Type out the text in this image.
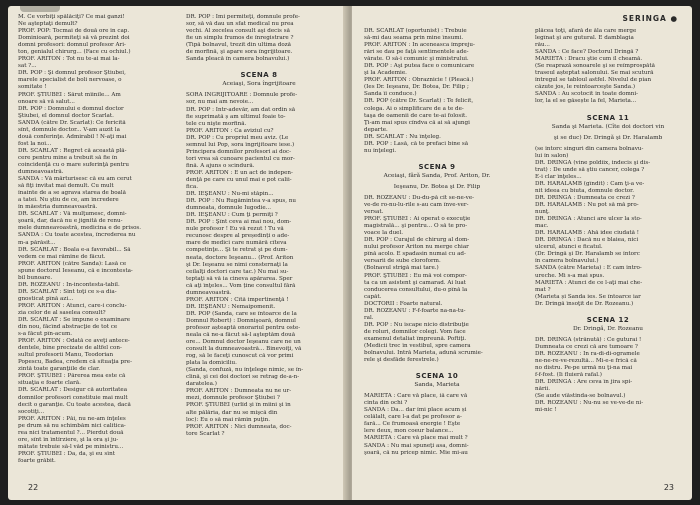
M. Ce vorbiţi spălăciţi? Ce mai ganzi!
Ne aşteptaţi demult?
PROF. POP: Tocmai de două ore în cap.
Dominioară, permiteţi să vă prezint doi
domni profesori: domnul profesor Ari-
ton, genialul chirurg... (Face cu ochiul.)
PROF. ARITON : Tot nu te-ai mai la-
sat ?...
DR. POP : Şi domnul profesor Ştiubei,
marele specialist de boli nervoase, o
somitate !
PROF. ŞTIUBEI : Sărut mîinile... Am
onoare să vă salut...
DR. POP : Domnului e domnul doctor
Ştiubei, el domnul doctor Scarlat.
SANDA (către Dr. Scarlat): Ce fericită
sînt, domnule doctor... V-am auzit la
două conferinţe. Admirabil ! N-aţi mai
fost la noi...
DR. SCARLAT : Regret că această plă-
cere pentru mine a trebuit să fie în
coincidenţă cu o mare suferinţă pentru
dumneavoastră.
SANDA : Vă mărturisesc că eu am cerut
să fiţi invitat mai demult. Cu mult
înainte de a se agrava starea de boală
a tatei. Nu ştiu de ce, am încredere
în măestria dumneavoastră.
DR. SCARLAT : Vă mulţumesc, domni-
şoară, dar, dacă nu e jignită de renu-
mele dumneavoastră, medicina e de prisos.
SANDA : Cu toate acestea, încrederea nu
m-a părăsit...
DR. SCARLAT : Boala e-a favorabil... Să
vedem ce mai rămîne de făcut.
PROF. ARITON (către Sanda): Lasă ce
spune doctorul Ieseanu, că e incontesta-
bil bunoare.
DR. ROZEANU : In-incontesta-tabil.
DR. SCARLAT : Sînt toţi ce s-a dia-
gnosticat pînă azi...
PROF. ARITON : Atunci, care-i conclu-
zia celor de al saselea consult?
DR. SCARLAT : Se impune o examinare
din nou, făcînd abstracţie de tot ce
s-a făcut pîn-acum.
PROF. ARITON : Odată ce aveţi antece-
dentele, bine precizate de altfel con-
sultul profesorii Manu, Teodorian
Popescu, Badea, credem că situaţia pre-
zintă toate garanţiile de clar.
PROF. ŞTIUBEI : Părerea mea este că
situaţia e foarte clară.
DR. SCARLAT : Desigur că autoritatea
domnilor profesori constituie mai mult
decît o garanţie. Cu toate acestea, dacă
socotiţi...
PROF. ARITON : Păi, nu ne-am înţeles
pe drum să nu schimbăm nici calitica-
rea nici tratamentul ?... Pierdut două
ore, sînt în întîrziere, şi la ora şi ju-
mătate trebuie să-l văd pe ministru...
PROF. ŞTIUBEI : Da, da, şi eu sînt
foarte grăbit.
DR. POP : Îmi permiteţi, domnule profe-
sor, să vă dau un sfat medical nu prea
vechi. Al zecelea consult aşi decis să
fie un simplu frumos de înregistrare ?
(Tipă bolnavul, trezit din ultima doză
de morfină, şi apare sora îngrijitoare.
Sanda pleacă în camera bolnavului.)
SCENA 8
Aceiaşi, Sora îngrijitoare
SORA ÎNGRIJITOARE : Domnule profe-
sor, nu mai am nevoie...
DR. POP : Intr-adevăr, am dat ordin să
fie suprimată ș am ultimul foaie to-
tele cu nişte morfină.
PROF. ARITON : Ca aviziul cu?
DR. POP : Cu propriul meu aviz. (Le
semnul lui Pop, sora îngrijitoare iese.)
Principera domnilor profesori ai doc-
tori vrea să cunoare pacientul cu mor-
fină. A ajuns o scindură.
PROF. ARITON : E un act de indepen-
denţă pe care cu unul mai e pot calii-
fica.
DR. IEŞEANU : Nu-mi stăpin...
DR. POP : Nu Rugămintea v-a spus, nu
dumneata, domnule Iugodie...
DR. IEŞEANU : Cum ţi permiţi ?
DR. POP : Şînt ceva ai mai nou, dom-
nule profesor ! Eu vă rezut ! Tu vă
recunosc despre al președinți o ade-
mare de medici care numără cîteva
competinţe... Şi te retrat şi pe dum-
neata, doctore Ieşeanu... (Prof. Ariton
şi Dr. Ieşeanu se nimi consternaţi la
ceilalţi doctori care tac.) Nu mai su-
teptaţi să vă ia cineva apărarea. Sper
că aţi înţeles... Vom ține consultul fără
dumneavoastră.
PROF. ARITON : Cîtă impertinenţă !
DR. IEŞEANU : Nemaipomenit.
DR. POP (Sanda, care se întoarce de la
Domnul Robert) : Domnişoară, domnul
profesor așteaptă onorariul pentru oste-
neala că ne-a făcut să-l aşteptăm două
ore... Domnul doctor Ieşeanu care ne un
consult la dumneavoastră... Binevoiţi, vă
rog, să le faceţi cunoscut că vor primi
plata la domiciliu.
(Sanda, confuză, nu înţelege nimic, se în-
clină, şi cei doi doctori se retrag de-a-n-
daratelea.)
PROF. ARITON : Dumneata nu ne ur-
mezi, domnule profesor Ştiubei ?
PROF. ŞTIUBEI (urlîd şi în mîini şi în
alte pălăria, dar nu se mişcă din
loc): Eu o să mai rămîn puţin.
PROF. ARITON : Nici dumneata, doc-
tore Scarlat ?
22
SERINGA ●
DR. SCARLAT (oportunist) : Trebuie
să-mi dau seama prin mine însumi.
PROF. ARITON : În aceneasca împreju-
rări se dau pe faţă sentimentele ade-
vărate. O să-i comunic şi ministrului.
DR. POP : Aşi putea face o comunicare
şi la Academie.
PROF. ARITON : Obraznicie ! (Pleacă.)
(Ies Dr. Ieşeanu, Dr. Botea, Dr. Filip ;
Sanda îi conduce.)
DR. POP (către Dr. Scarlat) : Te felicit,
colega. Ai o simplificare de a te de-
taşa de oamenii de care te-ai folosit.
Ţi-am mai spus cîndva că ai să ajungi
departe.
DR. SCARLAT : Nu înţeleg.
DR. POP : Lasă, că te prefaci bine să
nu înţelegi.
SCENA 9
Aceiaşi, fără Sanda, Prof. Ariton, Dr.
Ieşeanu, Dr. Botea şi Dr. Filip
DR. ROZEANU : Du-du-pă cît se-ne-ve-
ve-de ro-nu-lu-rile s-au cam înve-ver-
versat.
PROF. ŞTIUBEI : Ai operat o execuţie
magistrală... şi pentru... O să te pro-
voace la duel.
DR. POP : Curajul de chirurg al dom-
nului profesor Ariton nu merge chiar
pînă acolo. E spadasin numai cu ad-
versarii de sube cloroform.
(Bolnavul strigă mai tare.)
PROF. ŞTIUBEI : Eu mă voi compor-
ta ca un asistent şi camarad. Ai luat
conducerea consultului, du-o pînă la
capăt.
DOCTORII : Foarte natural.
DR. ROZEANU : F-f-foarte na-na-tu-
ral.
DR. POP : Nu iscape nicio distribuţie
de roluri, domnilor colegi. Vom face
examenul detaliat împreună. Poftiţi.
(Medicii trec în vestibul, spre camera
bolnavului. Intră Marieta, adună scrumie-
rele şi desfăde ferestrele.)
SCENA 10
Sanda, Marieta
MARIETA : Care vă place, iă care vă
cînta din ochi ?
SANDA : Da... dar îmi place acum și
celălalt, care l-a dat pe profesor a-
fară... Ce frumoasă energie ! Eşte
lere deux, mon coeur balance...
MARIETA : Care vă place mai mult ?
SANDA : Nu mai spuneţi asa, domni-
şoară, că nu pricep nimic. Mie mi-au
plăcea toţi, afară de ăla care merge
legînat şi are gutural. E damblagia
rău...
SANDA : Ce face? Doctorul Dringă ?
MARIETA : Dracu ştie cum îl cheamă.
(Se reaprază sonoarele şi se reîmprospătă
traseul așteptat salonului. Se mai scutură
întregul se tabloul astfel. Nivelul de pian
căzute jos, le reintoarceşte Sanda.)
SANDA : Au scotocit în toate domni-
lor, la el se găsește la fel, Marieta...
SCENA 11
Sanda şi Marieta. (Cîte doi doctori vin
şi se duc) Dr. Dringă şi Dr. Haralamb
(se întorc singuri din camera bolnavu-
lui în salon)
DR. DRINGĂ (vine poldiix, indecis şi dis-
trat) : De unde să ştiu cancer, colega ?
E-i clar înţeles...
DR. HARALAMB (gîndit) : Cam ţi-a ve-
nit ideea cu biuta, domnule doctor.
DR. DRINGĂ : Dumneata ce crezi ?
DR. HARALAMB : Nu pot să mă pro-
nunţ.
DR. DRINGĂ : Atunci are ulcer la sto-
mac.
DR. HARALAMB : Ăhă idee ciudată !
DR. DRINGĂ : Dacă nu e blaiea, nici
ulcerul, atunci e ficatul.
(Dr. Dringă şi Dr. Haralamb se întorc
în camera bolnavului.)
SANDA (către Marieta) : E cam întro-
ureche. Mi s-a mai spus.
MARIETA : Atunci de ce l-aţi mai che-
mat ?
(Marieta și Sanda ies. Se întoarce iar
Dr. Dringă însoţit de Dr. Rozeanu.)
SCENA 12
Dr. Dringă, Dr. Rozeanu
DR. DRINGĂ (strănută) : Ce guturai !
Dumneata ce crezi că are tumoare ?
DR. ROZEANU : În ra-di-di-ogramele
ne-ne-re-ve-rezultă... Mi-e-e frică că
no distru. Pe-pe urmă nu ţi-na mai
f-f-fost. (Îi fluieră rafal.)
DR. DRINGĂ : Are ceva în jira spi-
nării.
(Se aude vîăstînda-se bolnavul.)
DR. ROZEANU : Nu-nu se ve-ve-de ni-
mi-nic !
23
